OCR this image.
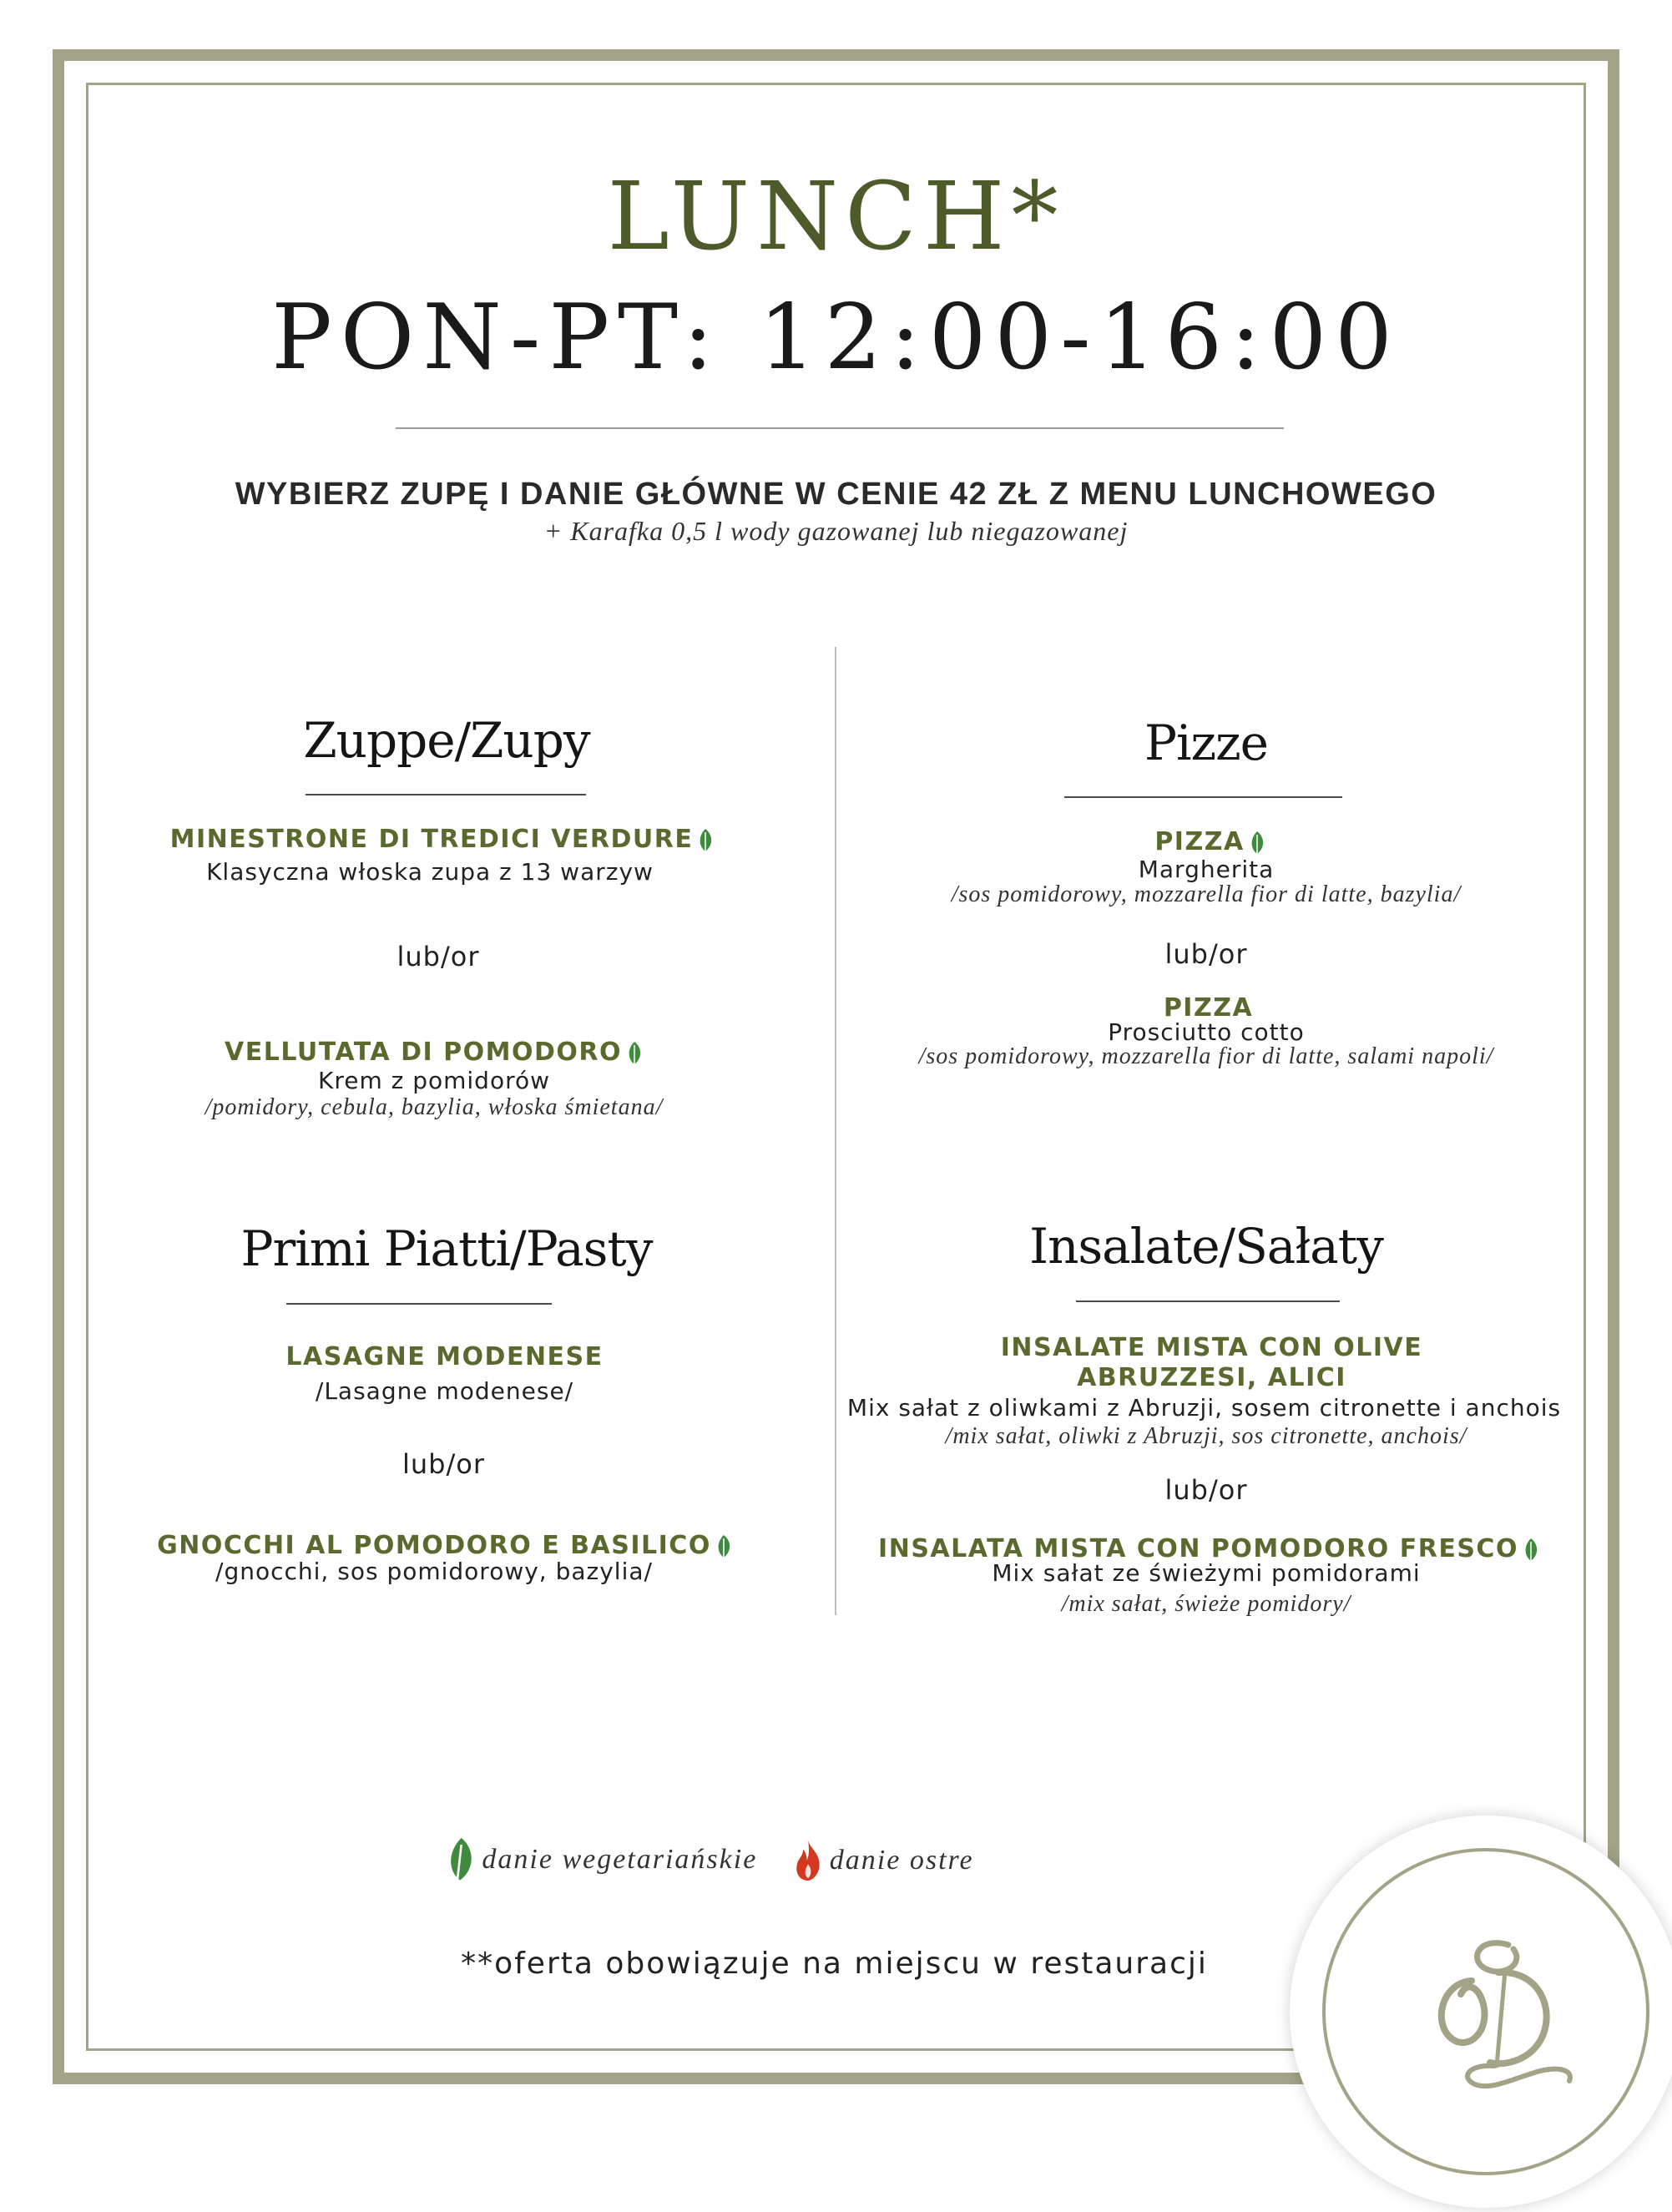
LUNCH*
PON-PT: 12:00-16:00
WYBIERZ ZUPĘ I DANIE GŁÓWNE W CENIE 42 ZŁ Z MENU LUNCHOWEGO
+ Karafka 0,5 l wody gazowanej lub niegazowanej
Zuppe/Zupy
MINESTRONE DI TREDICI VERDURE
Klasyczna włoska zupa z 13 warzyw
lub/or
VELLUTATA DI POMODORO
Krem z pomidorów
/pomidory, cebula, bazylia, włoska śmietana/
Pizze
PIZZA
Margherita
/sos pomidorowy, mozzarella fior di latte, bazylia/
lub/or
PIZZA
Prosciutto cotto
/sos pomidorowy, mozzarella fior di latte, salami napoli/
Primi Piatti/Pasty
LASAGNE MODENESE
/Lasagne modenese/
lub/or
GNOCCHI AL POMODORO E BASILICO
/gnocchi, sos pomidorowy, bazylia/
Insalate/Sałaty
INSALATE MISTA CON OLIVE
ABRUZZESI, ALICI
Mix sałat z oliwkami z Abruzji, sosem citronette i anchois
/mix sałat, oliwki z Abruzji, sos citronette, anchois/
lub/or
INSALATA MISTA CON POMODORO FRESCO
Mix sałat ze świeżymi pomidorami
/mix sałat, świeże pomidory/
danie wegetariańskie
	danie ostre
**oferta obowiązuje na miejscu w restauracji
